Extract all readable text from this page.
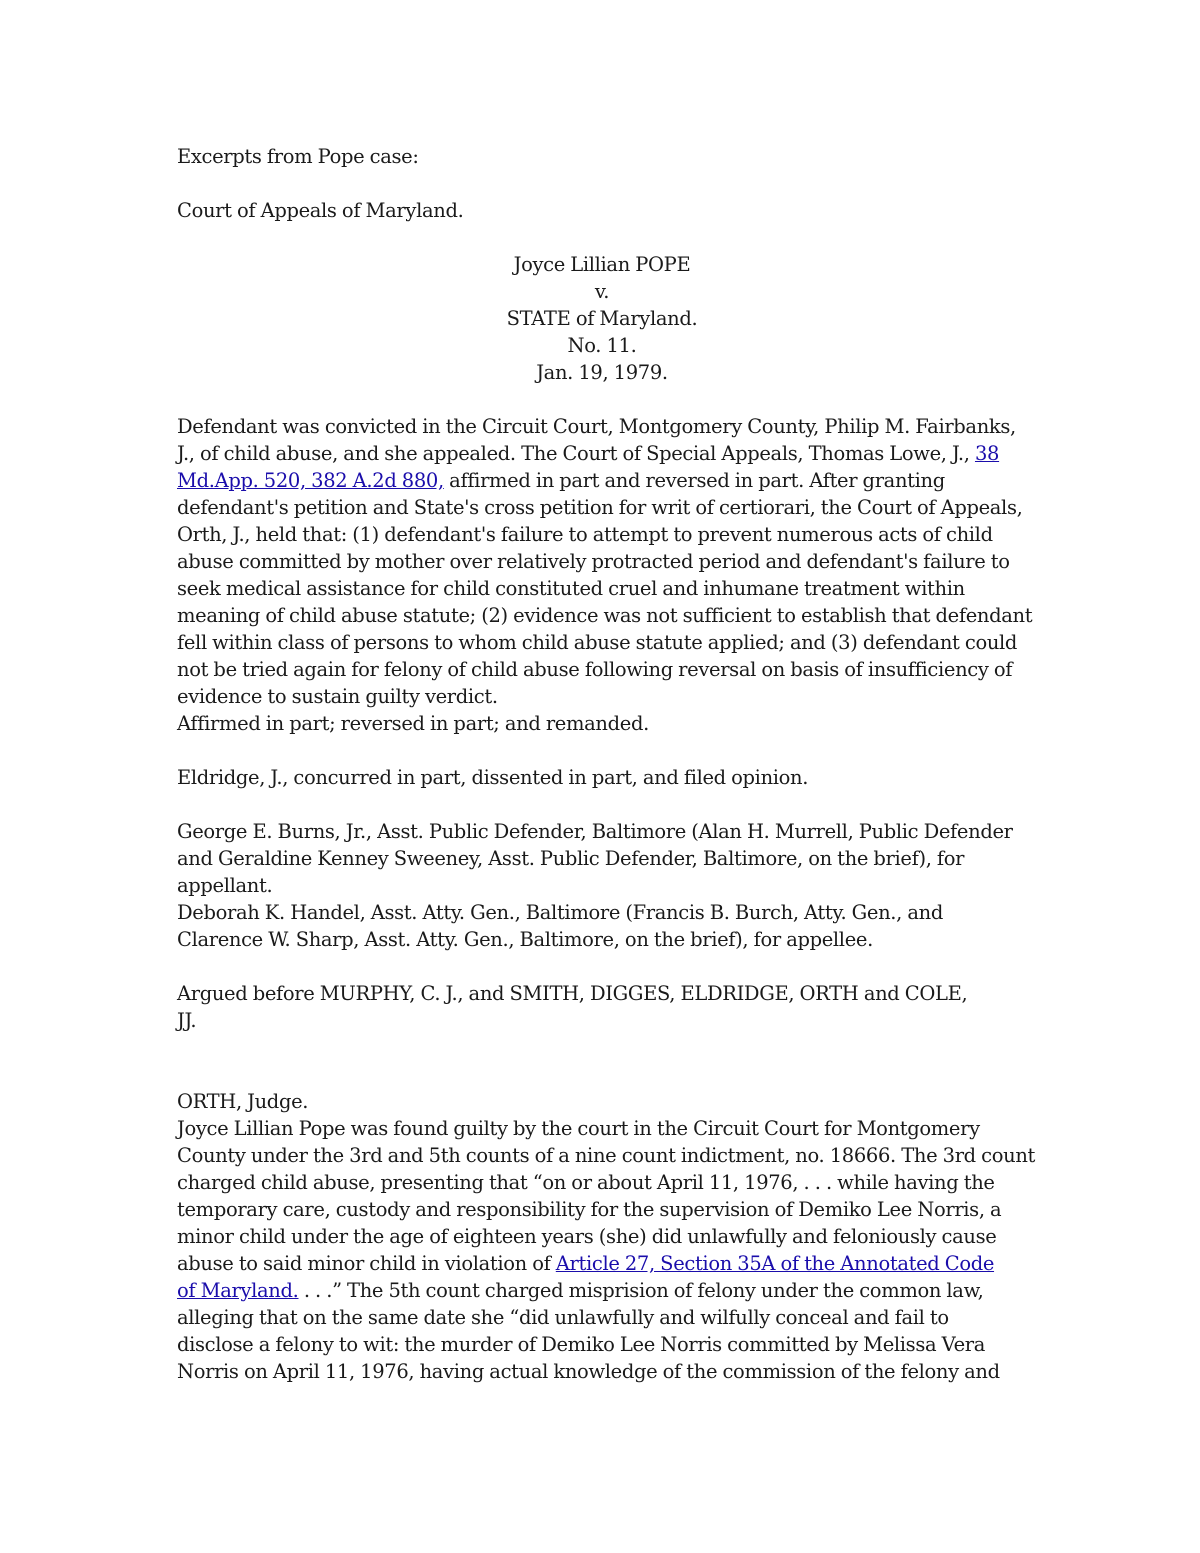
Excerpts from Pope case:
Court of Appeals of Maryland.
Joyce Lillian POPE
v.
STATE of Maryland.
No. 11.
Jan. 19, 1979.
Defendant was convicted in the Circuit Court, Montgomery County, Philip M. Fairbanks,
J., of child abuse, and she appealed. The Court of Special Appeals, Thomas Lowe, J., 38
Md.App. 520, 382 A.2d 880, affirmed in part and reversed in part. After granting
defendant's petition and State's cross petition for writ of certiorari, the Court of Appeals,
Orth, J., held that: (1) defendant's failure to attempt to prevent numerous acts of child
abuse committed by mother over relatively protracted period and defendant's failure to
seek medical assistance for child constituted cruel and inhumane treatment within
meaning of child abuse statute; (2) evidence was not sufficient to establish that defendant
fell within class of persons to whom child abuse statute applied; and (3) defendant could
not be tried again for felony of child abuse following reversal on basis of insufficiency of
evidence to sustain guilty verdict.
Affirmed in part; reversed in part; and remanded.
Eldridge, J., concurred in part, dissented in part, and filed opinion.
George E. Burns, Jr., Asst. Public Defender, Baltimore (Alan H. Murrell, Public Defender
and Geraldine Kenney Sweeney, Asst. Public Defender, Baltimore, on the brief), for
appellant.
Deborah K. Handel, Asst. Atty. Gen., Baltimore (Francis B. Burch, Atty. Gen., and
Clarence W. Sharp, Asst. Atty. Gen., Baltimore, on the brief), for appellee.
Argued before MURPHY, C. J., and SMITH, DIGGES, ELDRIDGE, ORTH and COLE,
JJ.
ORTH, Judge.
Joyce Lillian Pope was found guilty by the court in the Circuit Court for Montgomery
County under the 3rd and 5th counts of a nine count indictment, no. 18666. The 3rd count
charged child abuse, presenting that “on or about April 11, 1976, . . . while having the
temporary care, custody and responsibility for the supervision of Demiko Lee Norris, a
minor child under the age of eighteen years (she) did unlawfully and feloniously cause
abuse to said minor child in violation of Article 27, Section 35A of the Annotated Code
of Maryland. . . .” The 5th count charged misprision of felony under the common law,
alleging that on the same date she “did unlawfully and wilfully conceal and fail to
disclose a felony to wit: the murder of Demiko Lee Norris committed by Melissa Vera
Norris on April 11, 1976, having actual knowledge of the commission of the felony and
